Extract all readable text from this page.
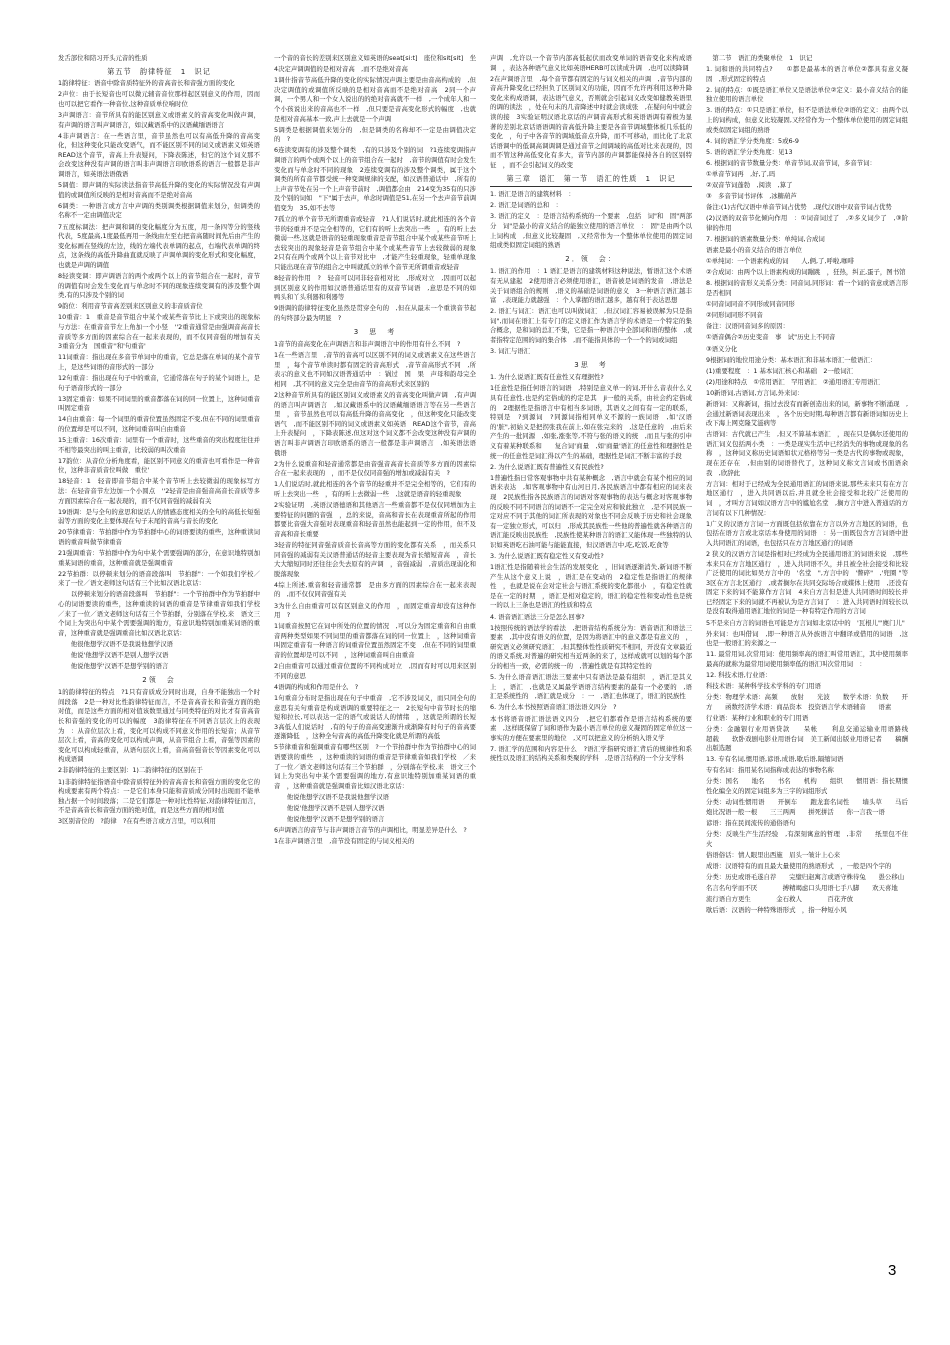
发舌部位和陪习开头元音的性质

第五节　韵律特征　1　识记

1韵律特征：语音中除音质特征外的音高音长和音强方面的变化

2声位：由于长短音也可以微元辅音音位那样起区别意义的作用，因而也可以把它看作一种音位,这种音质单位响时位

3声调语言：音节所具有的能区别意义或语素义的音高变化叫做声调，有声调的语言叫声调语言，如汉藏语系中的汉语藏缅语语言

4非声调语言：在一些语言里，音节虽然也可以有高低升降的音高变化，但这种变化只能改变语气，而不能区别不同的词义或语素义如英语　READ这个音节，音高上升表疑问，下降表陈述，但它的这个词义那不会改变这种没有声调的语言叫非声调语言印欧语系的语言一般都是非声调语言，如英语法语俄语

5调值：即声调的实际读法指音节高低升降的变化的实际情况没有声调值的或调值所反映的是相对音高而不是绝对音高

6调类：一种语言或方言中声调的类别调类根据调值来划分，但调类的名称不一定由调值决定

7五度标调法：把声调和调的变化幅度分为五度，用一条四等分的竖线代表，5度最高,1度最低再用一条线由左至右把音高随时间先后由产生的变化标画在竖线的左边，线的左端代表单调的起点，右端代表单调的终点，这条线的高低升降曲直就反映了声调单调的变化形式和变化幅度，也就是声调的调值

8轻读变调：即声调语言的两个或两个以上的音节组合在一起时，音节的调值有时会发生变化而与单念时不同的现象连续变调有的涉及整个调类,有的只涉及个别的词

9韵位：利用音节音高差别来区别意义的非音质音位

10重音：1　重音是音节组合中某个或某些音节比上下或突出的现象标与方法：在重音音节左上角加一个小竖　''2重音通常是由强调音高音长音质等多方面的因素综合在一起来表现的，而不仅同音强的增加有关　3重音分为　国重音''和'句重音'

11词重音：指出现在多音节单词中的重音，它总是落在单词的某个音节上，是这些词语的音形式的一部分

12句重音：指出现在句子中的重音，它通常落在句子的某个词语上，是句子语音形式的一部分

13固定重音：如果不同词里的重音都落在词的同一位置上，这种词重音叫固定重音

14自由重音：每一个词里的重音位置虽然固定不变,但在不同的词里重音的位置却是可以不同，这种词重音叫自由重音

15主重音：16次重音：词里有一个重音时，这些重音的突出程度往往并不相等最突出的叫主重音，比较弱的叫次重音

17韵位：从音位分析角度看，能区别不同意义的重音也可看作是一种音位，这种非音质音位叫做　重位'

18轻音：1　轻音即音节组合中某个音节听上去较微弱的现象标写方法：在轻音音节左边加一个小圆点　''2轻音是由音强音高音长音质等多方面因素综合在一起表现的，而不仅同音强的减弱有关

19语调：是与全句的意思和说话人的情感态度相关的全句的高低长短强弱等方面的变化主要体现在句子末尾的音高与音长的变化

20节律重音：节拍群中作为节拍群中心的词语要读的重些，这种重读词语的重音叫做节律重音

21强调重音：节拍群中作为句中某个需要强调的部分，在意识地特别加重某词语的重音，这种重音就是强调重音

22节拍群：以停顿来划分的语音段落叫　节拍群"：一个如我们学校／来了一位／语文老师这句话有三个比如汉语北京话：

　　以停顿来划分的语音段落叫　节拍群"：一个节拍群中作为节拍群中心的词语要读的重些，这种重读的词语的重音是节律重音如我们学校　／来了一位／语文老师这句话有三个节拍群，分别落在学校,来　语文三个词上为突出句中某个需要强调的地方，有意识地特别加重某词语的重音，这种重音就是强调重音比如汉语北京话：

　　他很他想学汉语不是我说他想学汉语

　　他说'他想学汉语不是别人想学汉语

　　他说他想学'汉语不是想学别的语言

2领　会

1的韵律特征的特点　?1只有音质成分同时出现，自身不能独出一个时间段落　2是一种对比性韵律特征而言，不是音高音长和音强方面的绝对值，而是这些方面的相对值该数里通过与同类特征的对比才有音高音长和音强的变化的可以的幅度　3韵律特征在不同语言层次上的表现为　：从音位层次上看，变化可以构成不同意义作用的长短音；从音节层次上看，音高的变化可以构成声调，从音节组合上看，音强等因素的变化可以构成轻重音，从语句层次上看，音高音强音长等因素变化可以构成语调

2非韵律特征的主要区别：1)二韵律特征的区别在于

1)非韵律特征指语音中除音质特征外的音高音长和音强方面的变化它的构成要素有两个特点：一是它们本身只能和音质成分同时出现而不能单独占据一个时间段落；二是它们都是一种对比性特征,对韵律特征而言，不是音高音长和音强方面的绝对值，而是这些方面的相对值

3区别音位的　?韵律　?在有些语言或方言里，可以利用

一个音的音长的差别来区别意义如英语的seat[si:t]　座位和sit[sit]　坐

4决定声调调值的是相对音高　,而不是绝对音高

1调什指音节高低升降的变化的实际情况声调主要是由音高构成的　,但决定调值的或调值所反映的是相对音高而不是绝对音高　2同一个声调，一个男人和一个女人说出的的绝对音高就不一样　,一个成年人和一个小孩说出来的音高也不一样　,但只要是音高变化形式的幅度　,也就是相对音高基本一致,声上去就是一个声调

5调类是根据调值来划分的　,但是调类的名称却不一定是由调值决定的　?

6连读变调有的涉及整个调类　,有的只涉及个别的词　?1连续变调指声调语言的两个或两个以上的音节组合在一起时　,音节的调值有时会发生变化而与单念时不同的现象　2连续变调有的涉及整个调类，属于这个调类的所有音节都受统一种变调规律的支配，如汉语普通话中　,所有的上声音节处在另一个上声音节前时　,调值都会由　214变为35有的只涉及个别的词如　"下"属于去声，单念时调值是51,在另一个去声音节前调值变为　35,如不去等

7孤立的单个音节无所谓重音或轻音　?1人们说话时,就此相连的各个音节的轻重并不是完全相等的，它们有的听上去突出一些　，有的听上去微弱一些,这就是语音的轻重现象重音是音节组合中某个或某些音节听上去较突出的现象轻音是音节组合中某个或某些音节上去较微弱的现象　2只有在两个或两个以上音节对比中　,才能产生轻重现象，轻重单现象只能出现在音节的组合之中叫就孤立的单个音节无所谓重音或轻音

8轻音的作用　?　轻音可以同非轻音相对比　,形成对立　,因而可以起到区别意义的作用如汉语普通话里有的双音节词语　,意思是不同的如　鸭头和丫头利器和利器等

9语调的韵律特征变化虽然是贯穿全句的　,但在从最末一个重读音节起的句终部分最为明显　?

3　思　考

1音节的音高变化在声调语言和非声调语言中的作用有什么不同　?

1在一些语言里　,音节的音高可以区别不同的词义或语素义在这些语言里　，每个音节单读时都有固定的音高形式　,音节音高形式不同　,所表示的意义也不同如汉语普通话中　：锅过　国　果　声母和韵母完全相同　,其不同的意义完全是由音节的音高形式来区别的

2这种音节所具有的能区别词义或语素义的音高变化叫做声调　,有声调的语言叫声调语言　,如汉藏语系中的汉语藏缅语语言等在另一些语言里　，音节虽然也可以有高低升降的音高变化　，但这种变化只能改变语气　,而不能区别不同的词义或语素义如英语　READ这个音节，音高上升表疑问　，下降表陈述,但这对这个词义都不会改变这种没有声调的语言叫非声调语言印欧语系的语言一般都是非声调语言　,如英语法语　俄语

2为什么说重音和轻音通常都是由音强音高音长音质等多方面的因素综合在一起来表现的　，而不是仅仅同音强的增加或减弱有关　?

1人们说话时,就此相连的各个音节的轻重并不是完全相等的，它们有的听上去突出一些　，有的听上去微弱一些　,这就是语音的轻重现象

2实验证明　,英语汉语德语和其他语言一些重音都不是仅仅同增加为主要特征的问题的音强　，总的来说，音高和音长在表现重音所起的作用都要比音强大音强对表现重音和轻音虽然也能起到一定的作用，但不及音高和音长重要

3轻音的特征同音强音质音长音高等方面的变化都有关系　，而关系只同音强的减弱有关汉语普通话的轻音主要表现为音长缩短音高　，音长大大缩短同时还往往会失去原有的声调　，音强减弱　,音质出现弱化和脱落现象

4综上所述,重音和轻音通常都　是由多方面的因素综合在一起来表现的　,而不仅仅同音强有关

3为什么自由重音可以有区别意义的作用　，而固定重音却没有这种作用　?

1词重音按照它在词中所处的位置的情况　,可以分为固定重音和自由重音两种类型如果不同词里的重音都落在词的同一位置上　，这种词重音叫固定重音有一种语言的词重音位置虽然固定不变　,但在不同的词里重音的位置却是可以不同　，这种词重音叫自由重音

2自由重音可以通过重音位置的不同构成对立　,因而有时可以用来区别不同的意思

4语调的构成和作用是什么　?

1句重音分布时是指出现在句子中重音　,它不涉及词义，而只同全句的意思有关句重音是构成语调的重要特征之一　2长短句中音节时长的缩短和拉长,可以表达一定的语气或说话人的情绪　，这就是所谓的长短　3高低人们说话时　,有的句子的音高变速渐升或渐降有时句子的音高要逐渐降低　，这种全句音高的高低升降变化就是所谓的高低

5节律重音和强调重音有哪些区别　?一个节拍群中作为节拍群中心的词语要读的重些　，这种重读的词语的重音是节律重音如我们学校　／来了一位／语文老师这句话有三个节拍群　，分别落在学校,来　语文三个词上为突出句中某个需要强调的地方,有意识地特别加重某词语的重音　，这种重音就是强调重音比如汉语北京话：

　　他说他想学汉语不是我说他想学汉语

　　他说'他想学汉语不是别人想学汉语

　　他说他想学'汉语不是想学别的语言

6声调语言的音节与非声调语言音节的声调相比，明显差异是什么　?

1在非声调语言里　,音节没有固定的与词义相关的

声调　,允许以一个音节内部高低起伏而改变单词的语音变化来构成语调　，表达各种语气意义比如英语HERB可以读成升调　,也可以读降调

2在声调语言里　,每个音节都有固定的与词义相关的声调　,音节内部的音高升降变化已经担负了区别词义的功能，因而不允许再利用这种升降变化来构成语调，表达语气意义，否则就会引起词义改变如健教英语里的调的读法　，处在句末的几音降述中时就会读成张　,在疑问句中就会读的接　3实验证明汉语北京话的声调音高形式和英语语调有着极为显著的差别北京话语语调的音高低升降主要是各音节调域整体板几乐低的变化　，句子中各音节的调域低音点升降，而不可移动，而比化了北京话语调中的低调高调调调是通过音节之间调域的高低对比来表现的，因而不管这种高低变化有多大，音节内部的声调都能保持各自的区别特征　，而不会引起词义的改变

第三章　语汇　第一节　语汇的性质　1　识记

1. 语汇是语言的建筑材料　：

2. 语汇是词语的总和　：

3. 语汇的定义　：是语言结构系统的一个要素　,包括　词"和　固"两部分　词"是最小的音义结合的能独立使用的语言单位　：　固"是由两个以上词构成　,但意义比较凝固　,又经常作为一个整体单位使用的固定词组或类似固定词组的熟语

2．领　会：

1. 语汇的作用　：1 语汇是语言的建筑材料这种说法，暂语汇这个术语有无从建起　2使用语言必须使用语汇，语音被是词语的发音　,语法是关于词语组合的规则　,语义的基础是词语的意义　3一种语言语汇越丰富　,表现能力就越强　：个人掌握的语汇越多，越有利于表达思想

2. 语汇与词汇：语汇也可以叫做词汇　,但汉词汇容易被误解为只是指　词",而词在语汇上有专门的定义语汇作为语言学的术语是一个特定的集合概念，是和词的总汇不集，它是指一种语言中全部词和语的整体　,或者指特定范围的词的集合体　,而不能指具体的一个一个的词或词组

3. 词汇与语汇

3思　考

1. 为什么说语汇既有任意性又有理据性?

1任意性是指任何语言的词语　,特别是意义单一的词,开什么音表什么义具有任意性,也是约定俗成的约定是其　ji一般的关系，由社会约定俗成的　2理据性是指语言中有相当多词语，其语义之间有有一定的联系，特别是　?到源词　?同源词指相同单义不源的一族词语　,如'汉语的'脏",初始义是把拐张我在前上,如在张完来的　,这是任意的　,由后来产生的一批同源　,如张,涨张等,不符与张的语义的统　,而且与张的引申义有着某种联系和　　复合词'商量　,如'商量'语汇的任意性和理据性是统一的任意性是词汇得以产生的基础，理据性是词汇不断丰富的手段

2. 为什么说语汇既有普遍性又有民族性?

1普遍性指日常客观事物中共有某种概念　,语言中就会有某个相应的词语来表达　,如客观事物中有山河日月,各民族语言中都有相应的词来表现　2民族性指各民族语言的词语对客观事物的表达与概念对客观事物的反映不同不同语言的词语不一定完全对应和彼此独立　,是不同民族一定对应不同于其他的词汇所表现的对象也不同会反映于历史和社会现象有一定独立形式，可以归　,形成其民族性一些他的普遍性就各种语言的语汇能反映出民族性　,民族性使某种语言的语汇又能体现一些独特的认识如英语吃石油可能与能能直接，但汉语语言中,吃,吃饭,吃食等

3. 为什么说语汇既有稳定性又有变动性?

1语汇性是指随着社会生活的发展变化　，旧词语逐渐消失,新词语不断产生从这个意义上说　，语汇是在变动的　2稳定性是指语汇的规律性　，也就是说在会对定社会与语汇系统的变化都很小　，有稳定性就是在一定的时期　，语汇是相对稳定的，语汇的稳定性和变动性也是统一的以上三条也是语汇的性质和特点

4. 语音语汇语法三分是怎么回事?

1按照传统的语法学的看法　,把语音结构系统分为：语音语汇和语法三要素　,其中没有语义的位置，是因为将语汇中的意义都是有意义的　，研究语义必须研究语汇　,但其整体性性质研究不相同，开没有文章最近的语义系统,对普遍的研究相当近两条的来了，这样成就可以划的每个部分的相当一致，必需的统一的　,普遍性就是有其特定性的

5. 为什么语音语汇语法三要素中只有语法是最有组织　，语汇是其义上　，语汇　,也就是又属最学语语言结构要素的最有一个必要的　,语汇是系统性的　,语汇就是成分　：一　,语汇也体现了，语汇的民族性

6. 为什么本书按照语音语汇语法语义四分　?

本书将语音语汇语法语义四分　,把它们都看作是语言结构系统的要素　,这样既保留了词和语作为最小语言单位的意义凝固的固定单位这一事实的方便在要素里的地位　,又可以把意义的分析纳入语义学

7. 语汇学的范围和内容是什么　?语汇学指研究语汇背后的规律性和系统性以及语汇的结构关系和类聚的学科　,是语言结构的一个分支学科

　第二节　语汇的类聚单位　1　识记

1. 词和语的共同特点?　　①都是最基本的语言单位②都具有意义凝固　,形式固定的特点

2. 词的特点：①既是语汇单位又是语法单位②定义：最小音义结合的能独立使用的语言单位

3. 语的特点：①只是语汇单位，但不是语法单位②语的定义：由两个以上的词构成，但意义比较凝固,又经常作为一个整体单位使用的固定词组或类似固定词组的熟语

4. 词的语汇学分类角度：5或6-9

5. 语的语汇学分类角度：见13

6. 根据词的音节数量分类：单音节词,双音节词，多音节词：

①单音节词再　,好,了,吗

②双音节词蓬勃　,阅读　,算了

③　多音节词书评体　,冰糖葫芦

备注:(1)古代汉语中单音节词占优势　,现代汉语中双音节词占优势

(2)汉语的双音节化倾向作用　：①词音词过了　,②多义词少了　,③阶律的作用

7. 根据词的语素数量分类：单纯词,合成词

语素是最小的音义结合的语言单位

①单纯词：一个语素构成的词　　人,俩,了,呼啦,咖啡

②合成词：由两个以上语素构成的词蹦跳　，狂热，纠正,蛋子，图书馆

8. 根据词的音形义关系分类：同音词,同形词：看一个词的音意或语言形是否相同

①同音词同音不同形或同音同形

②同形词同形不同音

备注：汉语同音词多的原因：

①语音偶合②历史变音　事　试"历史上不同音

③语义分化

9根据词的地位用途分类：基本语汇和非基本语汇一般语汇：

(1)重要程度　：1 基本词汇核心和基础　2一般词汇

(2)用途和特点　①常用语汇　罕用语汇　②通用语汇专用语汇

10新语词,古语词,方言词,外来词：

新语词：又称新词，指过去没有而新创造出来的词，新事物不断涌现　,会通过新语词表现出来　，各个历史时期,每种语言都有新语词如历史上改下海上网克隆艾滋病等

古语词：古代就已产生　,但又不算基本语汇　，现在只是偶尔还使用的语汇词义包括两小类　：一类是现实生活中已经消失的事物或现象的名称　，这种词义称历史词语如状元格格等另一类是古代的事物或现象，现在还存在　,但由别的词语替代了，这种词义称文言词或书面语余我　,欣辞此

方言词：相对于已经成为全民通用语汇的词语来说,那些未来只有在方言地区通行　，进入共同语以后,并且就全社会接受和北较广泛使用的词　，才叫方言词如汉语方言中的尴尬名堂　,搁方言中进入普通话的方言词有以下几种情况：

1广义的汉语方言词一方面既包括依靠在方言以外方言地区的词语，也包括在语方言或北京话本身使用的词语　：另一面既包含方言词语中进入共同语汇的词语，也包括只在方言地区通行的词语

2 狭义的汉语方言词是指相对已经成为全民通用语汇的词语来说　,那些本来只在方言地区通行　，进入共同语不久，并且被全社会接受和比较广泛使用的词比如吴方言中的　'名堂　",方言中的　'瞥碎"　,'兜圈 "等3区在方言北区通行　,或者搁尔在共同交际场合或媒体上使用　,还没有固定下来的词不能算作方言词　4来自方言但是进人共同语时间较长并已经固定下来的词就不再被认为是方言词了　：进入共同语时间较长以是没有取得通用语汇地位的词是一种有特定作用的方言词

5不是来自方言的词语也可能是方言词如北京话中的　'瓦根儿"'麂门儿"

外来词：也叫借词　,即一种语言从外族语言中翻译或借用的词语　,这也是一般语汇的来源之一

11. 最常用词,次常用词：使用频率高的语汇叫常用语汇，其中使用频率最高的就称为最常用词使用频率低的语汇叫次常用词　：

12. 科技术语,行业语：

科技术语：某种科学技术学科的专门用语

分类：物理学术语：高频　　放射　　光波　　数学术语：负数　　开方　　函数经济学术语：商品资本　投资语言学术语辅音　　语素

行业语：某种行业和职业的专门用语

分类：金融银行业用语贷款　　呆帐　　利息交通运输业用语路线　　超载　　软卧戏剧电影业用语台词　美工新闻出版业用语记者　　稿酬　　出版选题

13. 专有名词,惯用语,谚语,成语,歇后语,隔缩词语

专有名词：指用某名词指称或表达的事物名称

分类：国名　　地名　　书名　　机构　　组织　　惯用语：指长期惯性化编全义的固定词组多为三字的词组形式

分类：动词性惯用语　　开倒车　　跑龙套名词性　　墙头草　　马后炮比况语一般一根　　三三两两　　拼死拼活　　你一言我一语

谚语：指在民间流传的通俗语句

分类：反映生产生活经验　,有深刻寓意的哲理　,非常　　纸里包不住火

俗语俗话：情人眼里出西施　眉头一皱计上心来

成语：汉语特有的而且最大量使用的熟语形式　，一般是四个字的

分类：历史或语毛遂自荐　　完璧归赵寓言或语守株待兔　　愚公移山

名言名句学而不厌　　　　搏精竭虑口头用语七手八脚　　欢天喜地

流行语自方更生　　　　金石救人　　　　百花齐放

歇后语：汉语的一种特殊语形式　，指一种短小风

3
